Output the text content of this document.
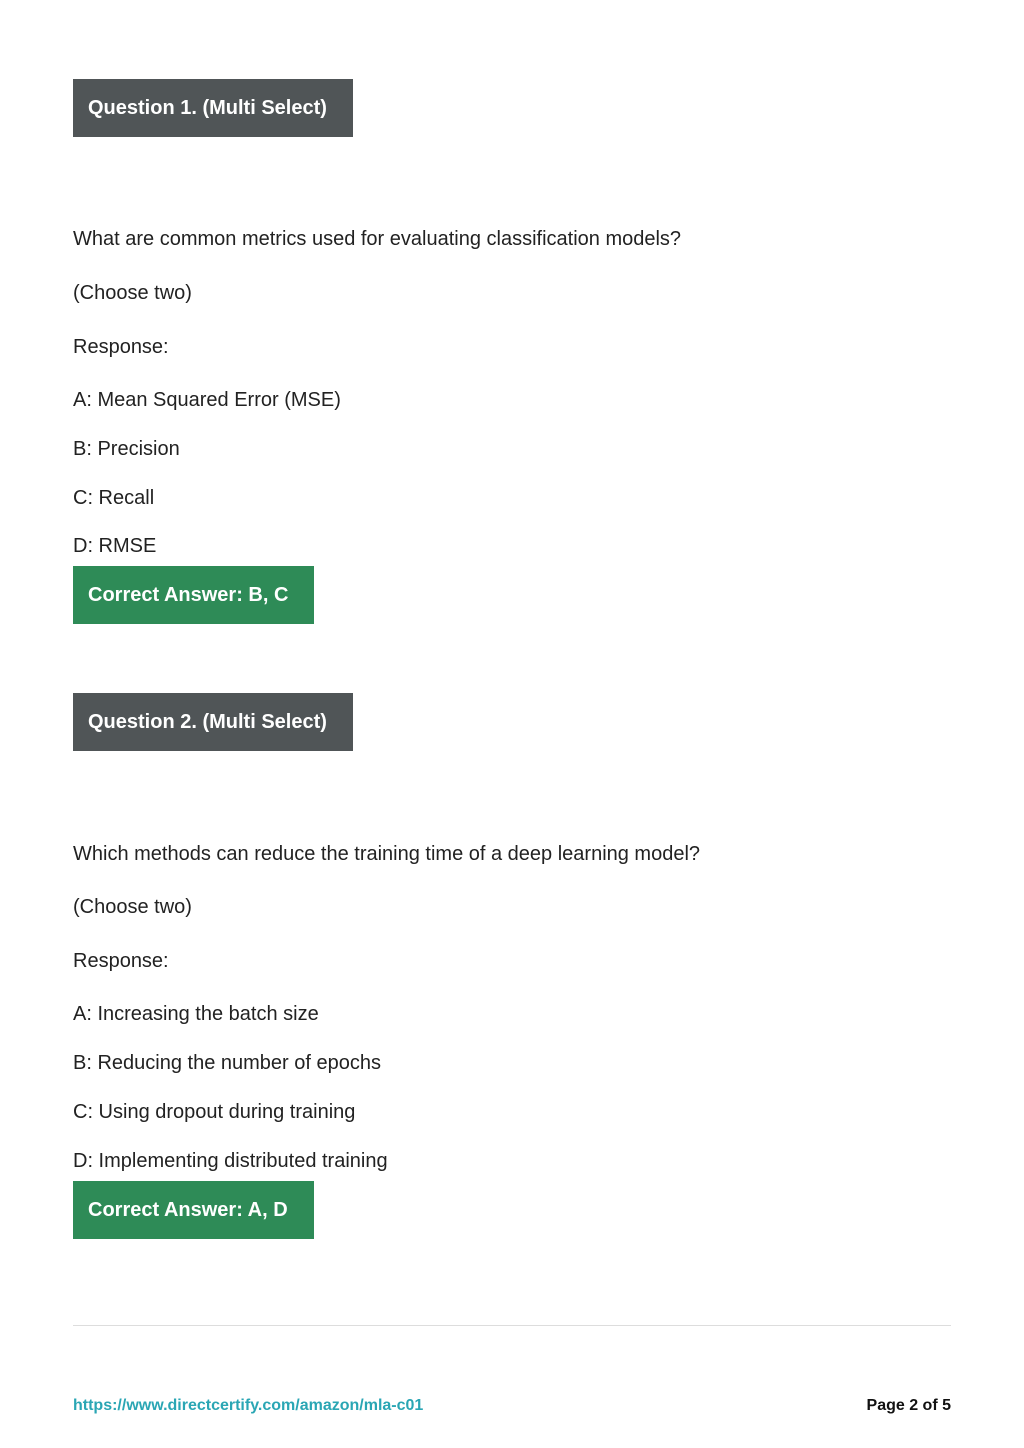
Question 1. (Multi Select)
What are common metrics used for evaluating classification models?
(Choose two)
Response:
A: Mean Squared Error (MSE)
B: Precision
C: Recall
D: RMSE
Correct Answer: B, C
Question 2. (Multi Select)
Which methods can reduce the training time of a deep learning model?
(Choose two)
Response:
A: Increasing the batch size
B: Reducing the number of epochs
C: Using dropout during training
D: Implementing distributed training
Correct Answer: A, D
https://www.directcertify.com/amazon/mla-c01	Page 2 of 5
